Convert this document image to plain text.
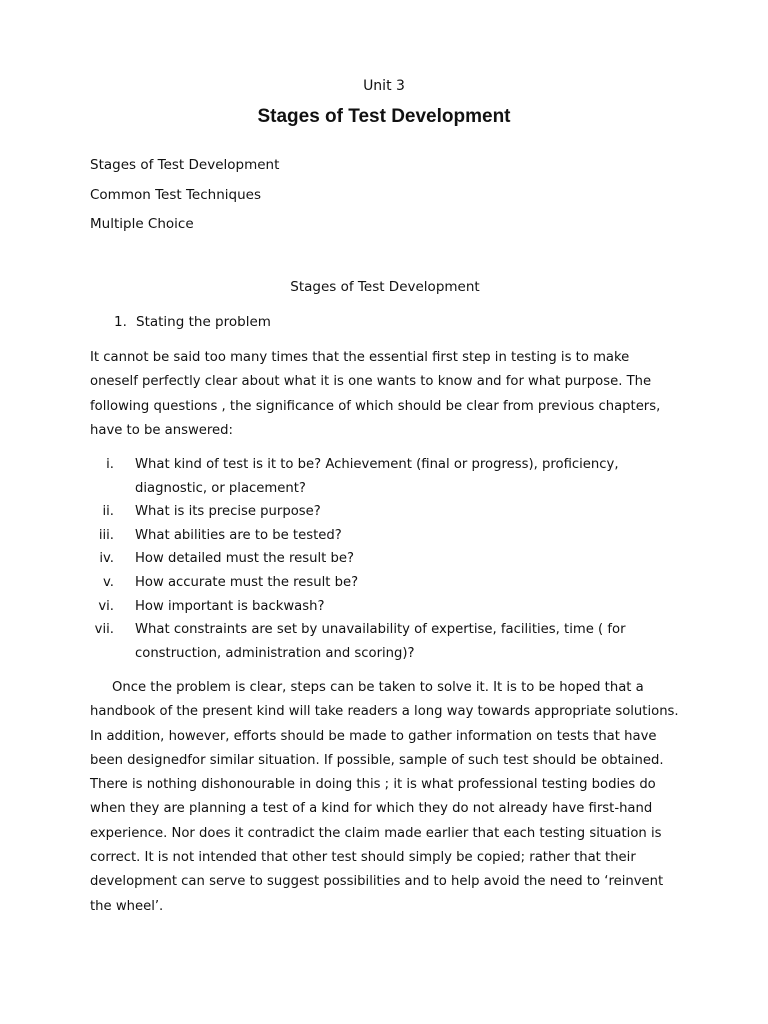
Unit 3
Stages of Test Development
Stages of Test Development
Common Test Techniques
Multiple Choice
Stages of Test Development
1. Stating the problem

It cannot be said too many times that the essential first step in testing is to make oneself perfectly clear about what it is one wants to know and for what purpose. The following questions , the significance of which should be clear from previous chapters, have to be answered:

i. What kind of test is it to be? Achievement (final or progress), proficiency, diagnostic, or placement?
ii. What is its precise purpose?
iii. What abilities are to be tested?
iv. How detailed must the result be?
v. How accurate must the result be?
vi. How important is backwash?
vii. What constraints are set by unavailability of expertise, facilities, time ( for construction, administration and scoring)?

Once the problem is clear, steps can be taken to solve it. It is to be hoped that a handbook of the present kind will take readers a long way towards appropriate solutions. In addition, however, efforts should be made to gather information on tests that have been designedfor similar situation. If possible, sample of such test should be obtained. There is nothing dishonourable in doing this ; it is what professional testing bodies do when they are planning a test of a kind for which they do not already have first-hand experience. Nor does it contradict the claim made earlier that each testing situation is correct. It is not intended that other test should simply be copied; rather that their development can serve to suggest possibilities and to help avoid the need to ‘reinvent the wheel’.
